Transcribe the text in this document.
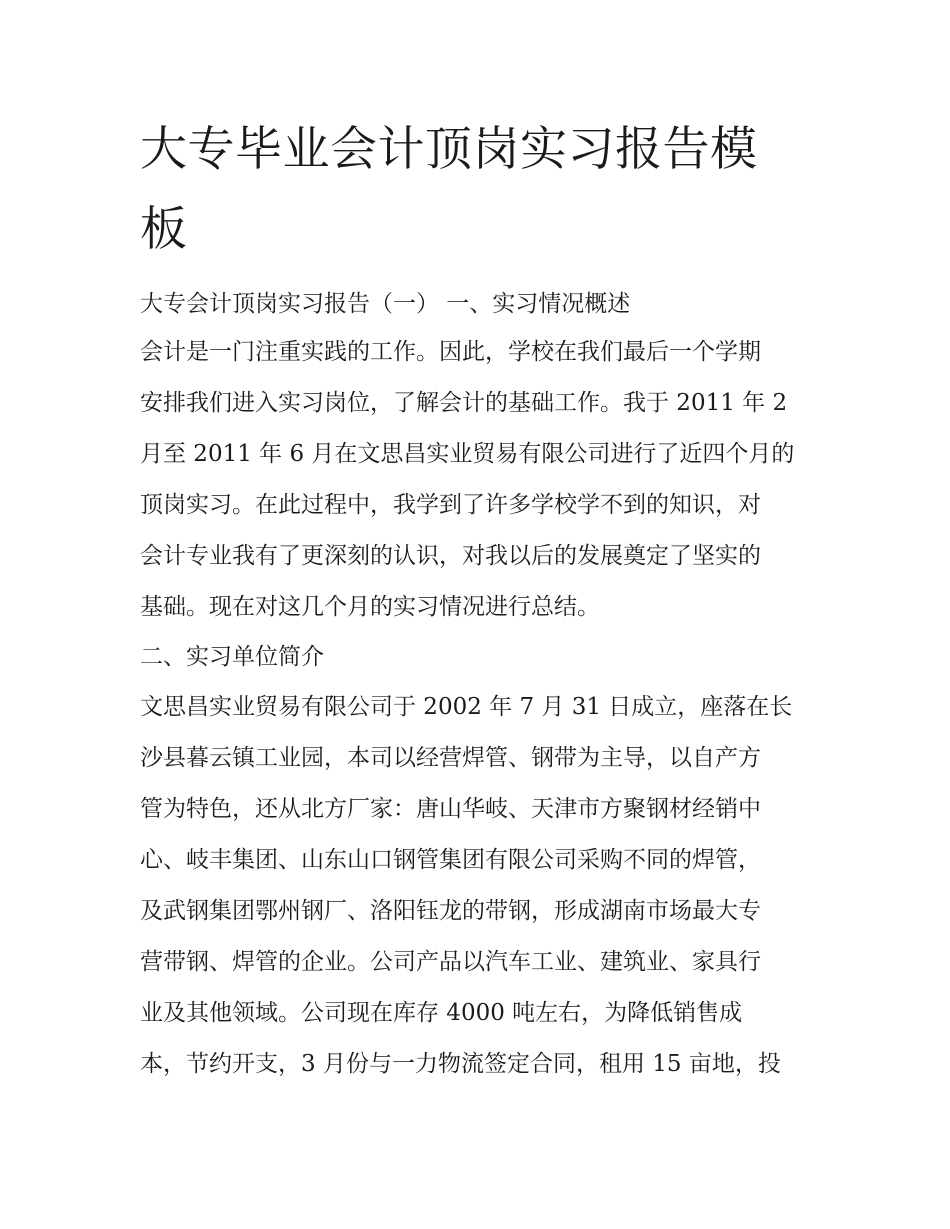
大专毕业会计顶岗实习报告模
板
大专会计顶岗实习报告（一） 一、实习情况概述
会计是一门注重实践的工作。因此，学校在我们最后一个学期
安排我们进入实习岗位，了解会计的基础工作。我于 2011 年 2
月至 2011 年 6 月在文思昌实业贸易有限公司进行了近四个月的
顶岗实习。在此过程中，我学到了许多学校学不到的知识，对
会计专业我有了更深刻的认识，对我以后的发展奠定了坚实的
基础。现在对这几个月的实习情况进行总结。
二、实习单位简介
文思昌实业贸易有限公司于 2002 年 7 月 31 日成立，座落在长
沙县暮云镇工业园，本司以经营焊管、钢带为主导，以自产方
管为特色，还从北方厂家：唐山华岐、天津市方聚钢材经销中
心、岐丰集团、山东山口钢管集团有限公司采购不同的焊管，
及武钢集团鄂州钢厂、洛阳钰龙的带钢，形成湖南市场最大专
营带钢、焊管的企业。公司产品以汽车工业、建筑业、家具行
业及其他领域。公司现在库存 4000 吨左右，为降低销售成
本，节约开支，3 月份与一力物流签定合同，租用 15 亩地，投
